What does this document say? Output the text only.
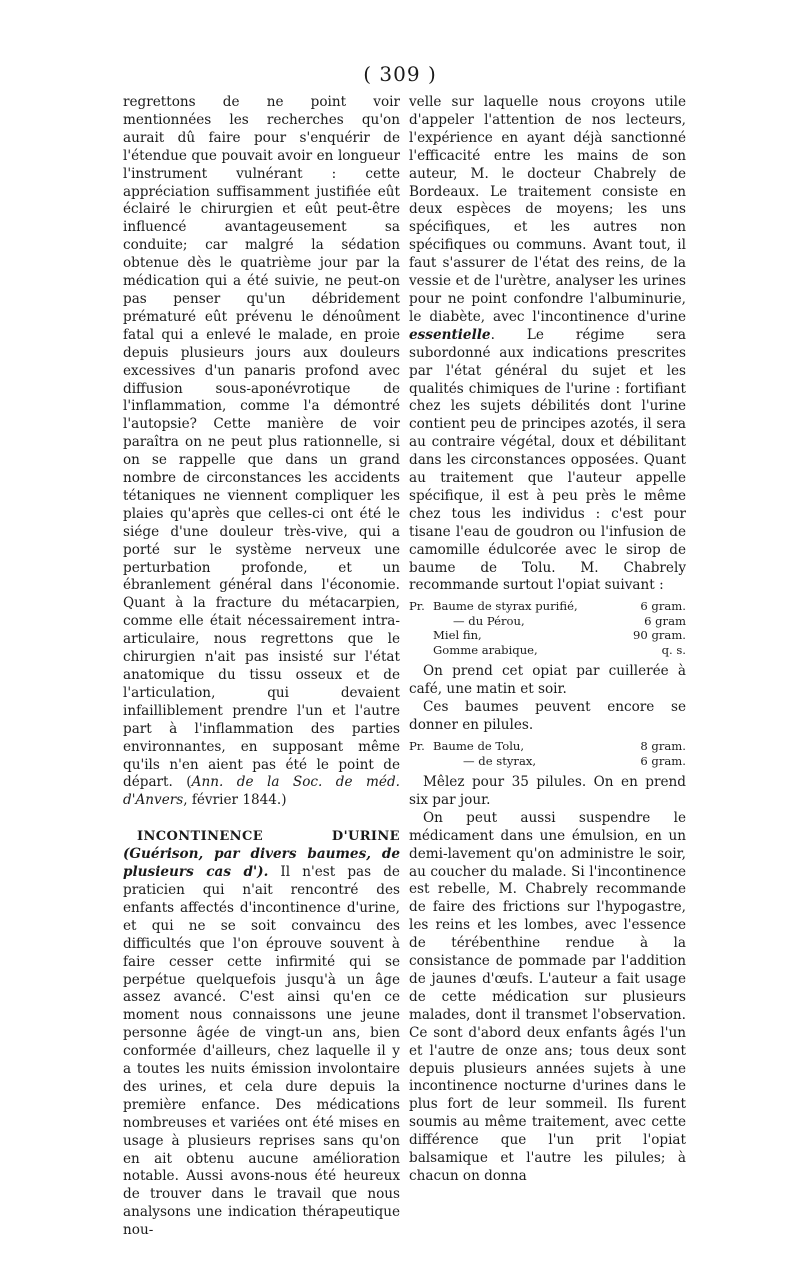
( 309 )

regrettons de ne point voir mentionnées les recherches qu'on aurait dû faire pour s'enquérir de l'étendue que pouvait avoir en longueur l'instrument vulnérant : cette appréciation suffisamment justifiée eût éclairé le chirurgien et eût peut-être influencé avantageusement sa conduite; car malgré la sédation obtenue dès le quatrième jour par la médication qui a été suivie, ne peut-on pas penser qu'un débridement prématuré eût prévenu le dénoûment fatal qui a enlevé le malade, en proie depuis plusieurs jours aux douleurs excessives d'un panaris profond avec diffusion sous-aponévrotique de l'inflammation, comme l'a démontré l'autopsie? Cette manière de voir paraîtra on ne peut plus rationnelle, si on se rappelle que dans un grand nombre de circonstances les accidents tétaniques ne viennent compliquer les plaies qu'après que celles-ci ont été le siége d'une douleur très-vive, qui a porté sur le système nerveux une perturbation profonde, et un ébranlement général dans l'économie. Quant à la fracture du métacarpien, comme elle était nécessairement intra-articulaire, nous regrettons que le chirurgien n'ait pas insisté sur l'état anatomique du tissu osseux et de l'articulation, qui devaient infailliblement prendre l'un et l'autre part à l'inflammation des parties environnantes, en supposant même qu'ils n'en aient pas été le point de départ. (Ann. de la Soc. de méd. d'Anvers, février 1844.)

INCONTINENCE D'URINE (Guérison, par divers baumes, de plusieurs cas d'). Il n'est pas de praticien qui n'ait rencontré des enfants affectés d'incontinence d'urine, et qui ne se soit convaincu des difficultés que l'on éprouve souvent à faire cesser cette infirmité qui se perpétue quelquefois jusqu'à un âge assez avancé. C'est ainsi qu'en ce moment nous connaissons une jeune personne âgée de vingt-un ans, bien conformée d'ailleurs, chez laquelle il y a toutes les nuits émission involontaire des urines, et cela dure depuis la première enfance. Des médications nombreuses et variées ont été mises en usage à plusieurs reprises sans qu'on en ait obtenu aucune amélioration notable. Aussi avons-nous été heureux de trouver dans le travail que nous analysons une indication thérapeutique nou-

velle sur laquelle nous croyons utile d'appeler l'attention de nos lecteurs, l'expérience en ayant déjà sanctionné l'efficacité entre les mains de son auteur, M. le docteur Chabrely de Bordeaux. Le traitement consiste en deux espèces de moyens; les uns spécifiques, et les autres non spécifiques ou communs. Avant tout, il faut s'assurer de l'état des reins, de la vessie et de l'urètre, analyser les urines pour ne point confondre l'albuminurie, le diabète, avec l'incontinence d'urine essentielle. Le régime sera subordonné aux indications prescrites par l'état général du sujet et les qualités chimiques de l'urine : fortifiant chez les sujets débilités dont l'urine contient peu de principes azotés, il sera au contraire végétal, doux et débilitant dans les circonstances opposées. Quant au traitement que l'auteur appelle spécifique, il est à peu près le même chez tous les individus : c'est pour tisane l'eau de goudron ou l'infusion de camomille édulcorée avec le sirop de baume de Tolu. M. Chabrely recommande surtout l'opiat suivant :

Pr.	Baume de styrax purifié,	6 gram.
	— du Pérou,	6 gram
	Miel fin,	90 gram.
	Gomme arabique,	q. s.

On prend cet opiat par cuillerée à café, une matin et soir.

Ces baumes peuvent encore se donner en pilules.

Pr.	Baume de Tolu,	8 gram.
	— de styrax,	6 gram.

Mêlez pour 35 pilules. On en prend six par jour.

On peut aussi suspendre le médicament dans une émulsion, en un demi-lavement qu'on administre le soir, au coucher du malade. Si l'incontinence est rebelle, M. Chabrely recommande de faire des frictions sur l'hypogastre, les reins et les lombes, avec l'essence de térébenthine rendue à la consistance de pommade par l'addition de jaunes d'œufs. L'auteur a fait usage de cette médication sur plusieurs malades, dont il transmet l'observation. Ce sont d'abord deux enfants âgés l'un et l'autre de onze ans; tous deux sont depuis plusieurs années sujets à une incontinence nocturne d'urines dans le plus fort de leur sommeil. Ils furent soumis au même traitement, avec cette différence que l'un prit l'opiat balsamique et l'autre les pilules; à chacun on donna
